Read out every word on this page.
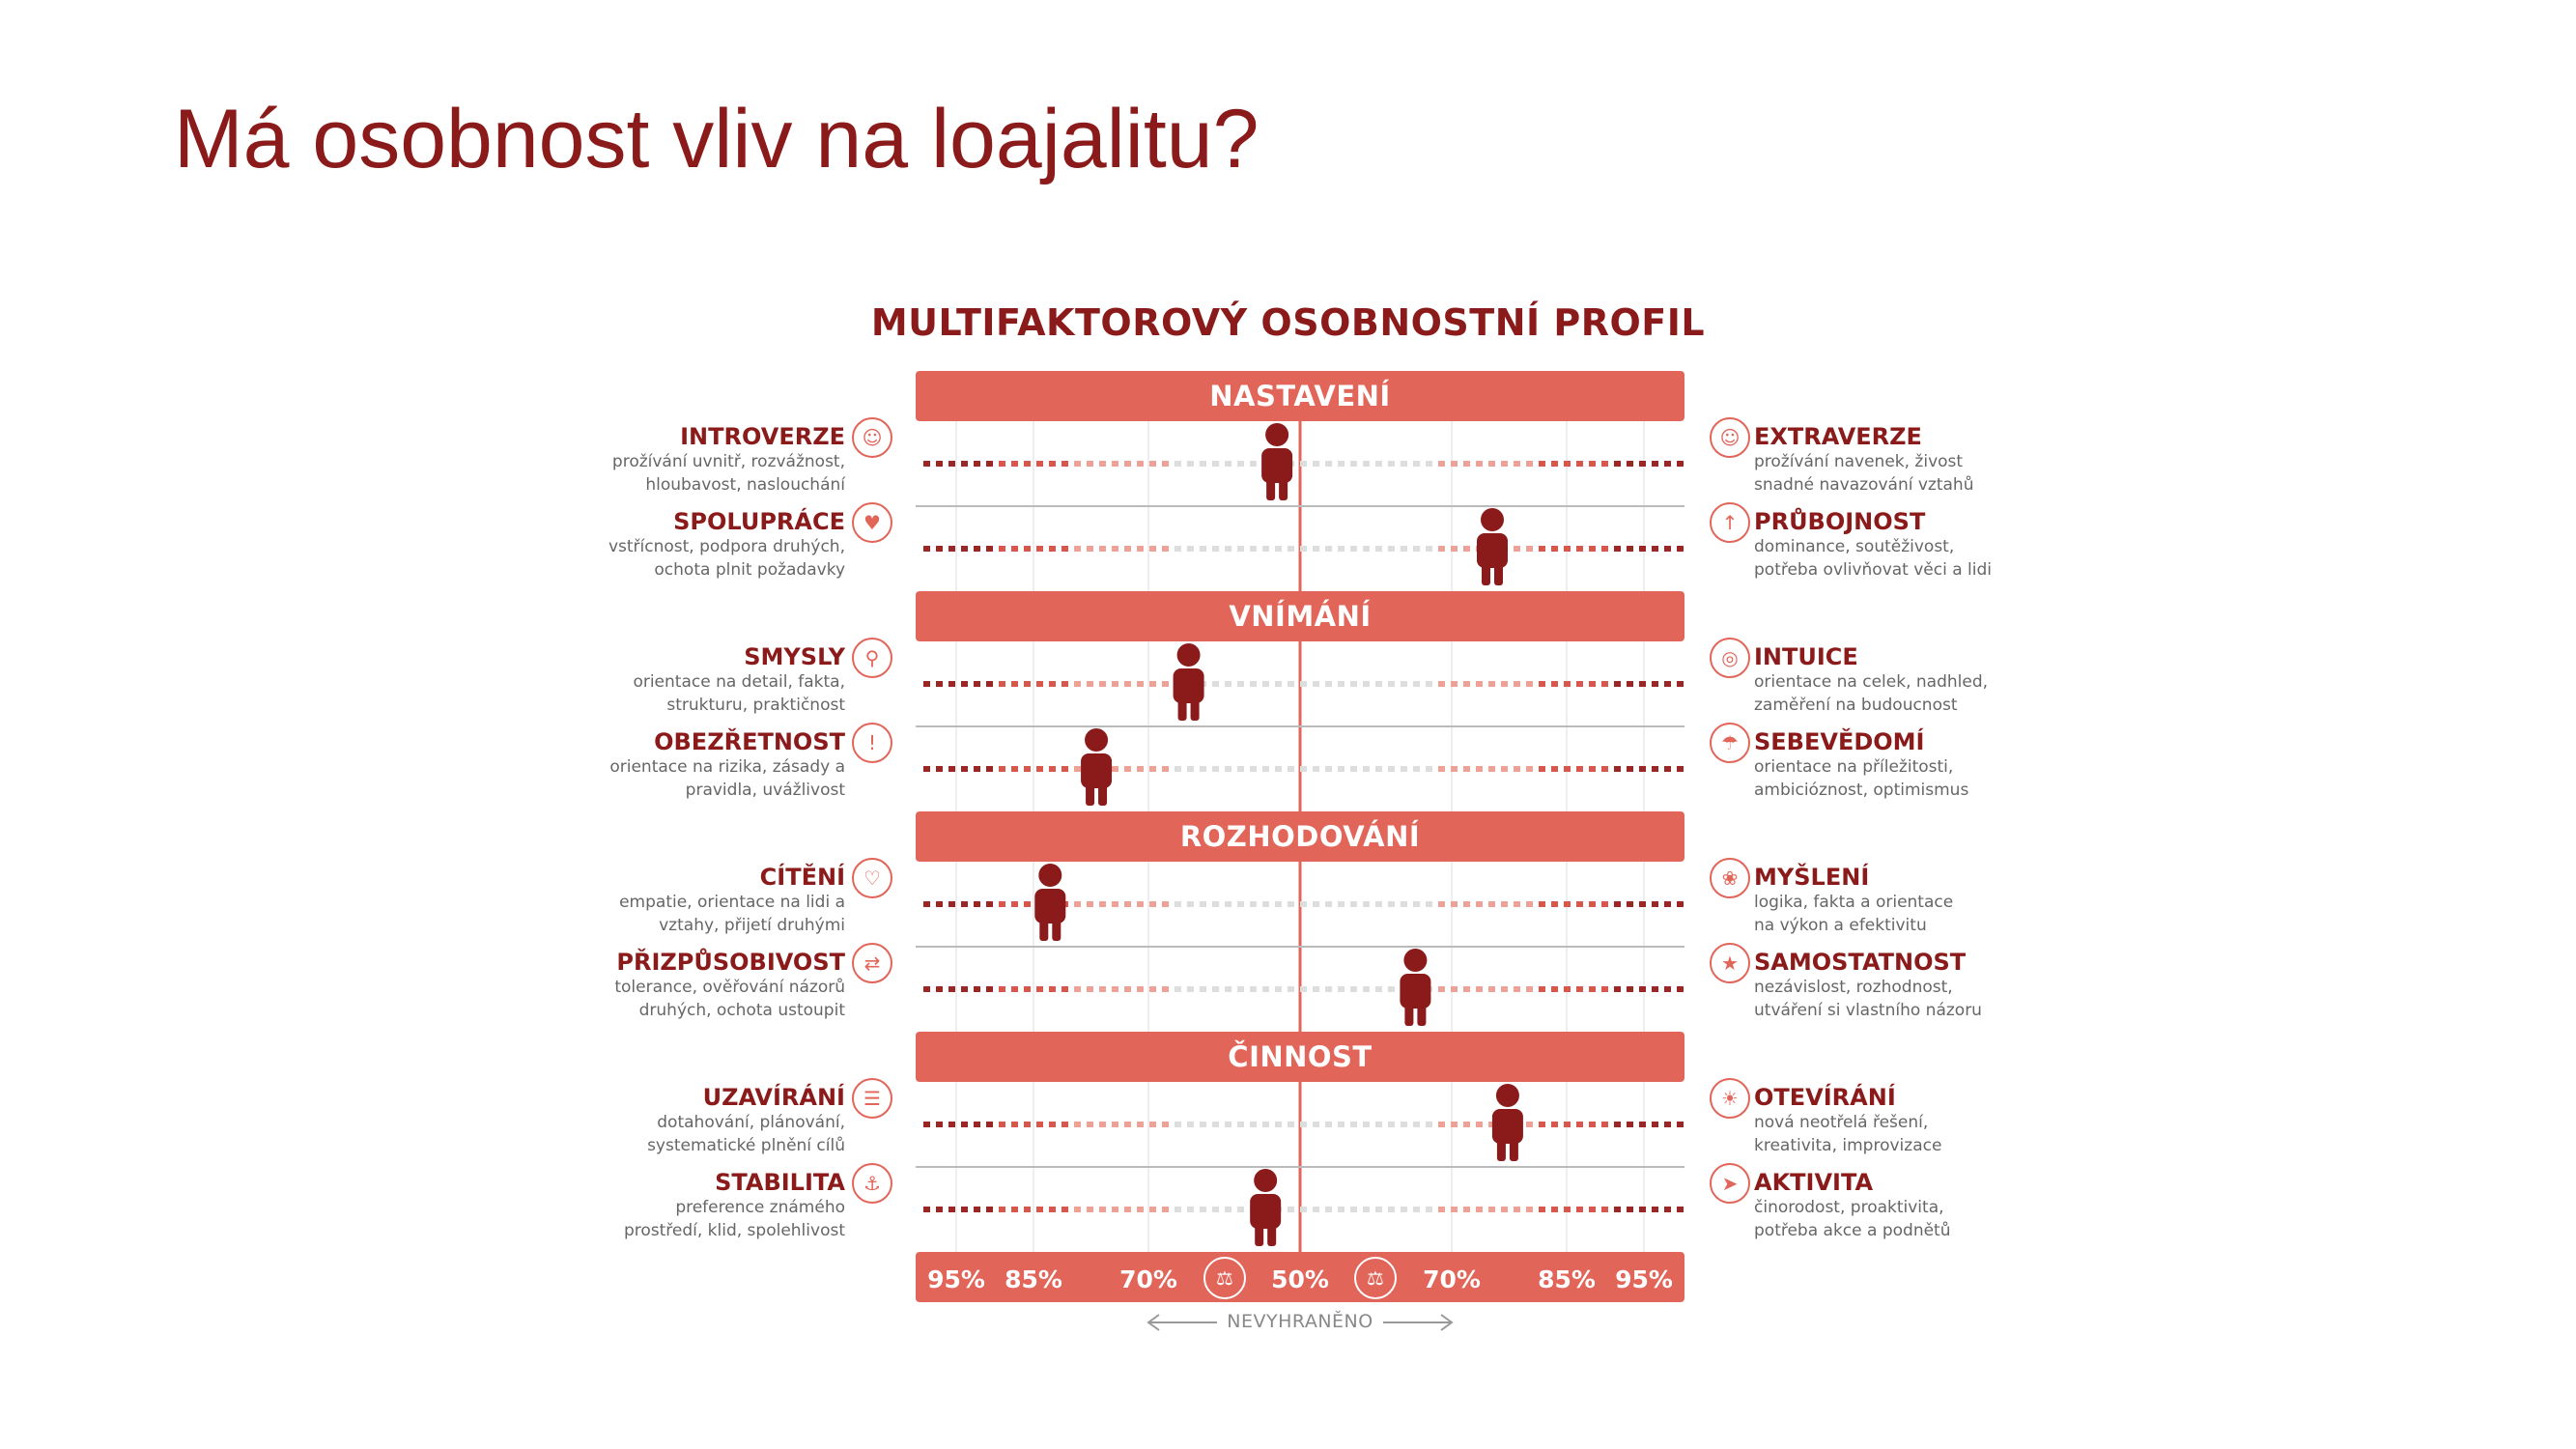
Má osobnost vliv na loajalitu?
MULTIFAKTOROVÝ OSOBNOSTNÍ PROFIL
NASTAVENÍ
INTROVERZE
prožívání uvnitř, rozvážnost,
hloubavost, naslouchání
☺	EXTRAVERZE
prožívání navenek, živost
snadné navazování vztahů
☺
SPOLUPRÁCE
vstřícnost, podpora druhých,
ochota plnit požadavky
♥	PRŮBOJNOST
dominance, soutěživost,
potřeba ovlivňovat věci a lidi
↑
VNÍMÁNÍ
SMYSLY
orientace na detail, fakta,
strukturu, praktičnost
⚲	INTUICE
orientace na celek, nadhled,
zaměření na budoucnost
◎
OBEZŘETNOST
orientace na rizika, zásady a
pravidla, uvážlivost
!	SEBEVĚDOMÍ
orientace na příležitosti,
ambicióznost, optimismus
☂
ROZHODOVÁNÍ
CÍTĚNÍ
empatie, orientace na lidi a
vztahy, přijetí druhými
♡	MYŠLENÍ
logika, fakta a orientace
na výkon a efektivitu
❀
PŘIZPŮSOBIVOST
tolerance, ověřování názorů
druhých, ochota ustoupit
⇄	SAMOSTATNOST
nezávislost, rozhodnost,
utváření si vlastního názoru
★
ČINNOST
UZAVÍRÁNÍ
dotahování, plánování,
systematické plnění cílů
☰	OTEVÍRÁNÍ
nová neotřelá řešení,
kreativita, improvizace
☀
STABILITA
preference známého
prostředí, klid, spolehlivost
⚓	AKTIVITA
činorodost, proaktivita,
potřeba akce a podnětů
➤
95% 85% 70%	50%	70% 85% 95%
⚖	⚖
NEVYHRANĚNO
